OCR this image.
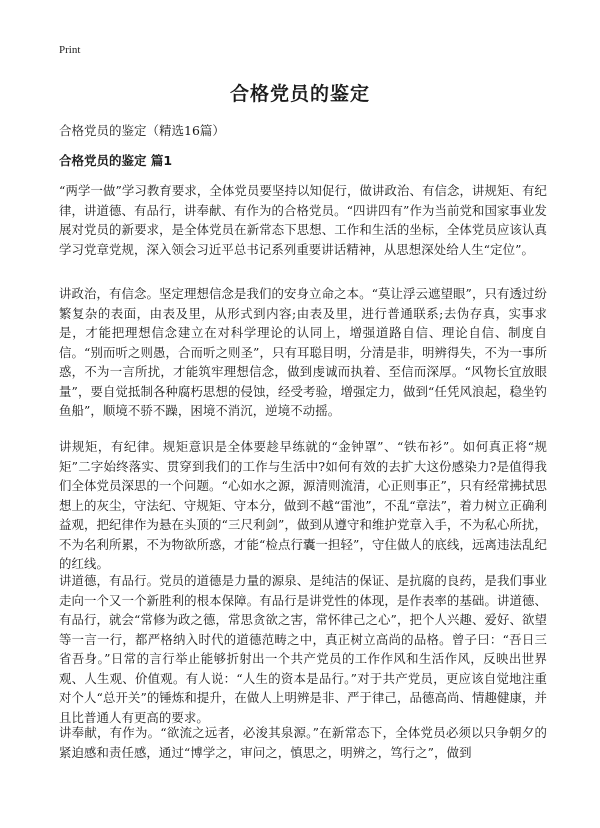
Print
合格党员的鉴定

合格党员的鉴定（精选16篇）

合格党员的鉴定 篇1

“两学一做”学习教育要求，全体党员要坚持以知促行，做讲政治、有信念，讲规矩、有纪律，讲道德、有品行，讲奉献、有作为的合格党员。“四讲四有”作为当前党和国家事业发展对党员的新要求，是全体党员在新常态下思想、工作和生活的坐标，全体党员应该认真学习党章党规，深入领会习近平总书记系列重要讲话精神，从思想深处给人生“定位”。

讲政治，有信念。坚定理想信念是我们的安身立命之本。“莫让浮云遮望眼”，只有透过纷繁复杂的表面，由表及里，从形式到内容;由表及里，进行普通联系;去伪存真，实事求是，才能把理想信念建立在对科学理论的认同上，增强道路自信、理论自信、制度自信。“别而听之则愚，合而听之则圣”，只有耳聪目明，分清是非，明辨得失，不为一事所惑，不为一言所扰，才能筑牢理想信念，做到虔诚而执着、至信而深厚。“风物长宜放眼量”，要自觉抵制各种腐朽思想的侵蚀，经受考验，增强定力，做到“任凭风浪起，稳坐钓鱼船”，顺境不骄不躁，困境不消沉，逆境不动摇。

讲规矩，有纪律。规矩意识是全体要趁早练就的“金钟罩”、“铁布衫”。如何真正将“规矩”二字始终落实、贯穿到我们的工作与生活中?如何有效的去扩大这份感染力?是值得我们全体党员深思的一个问题。“心如水之源，源清则流清，心正则事正”，只有经常拂拭思想上的灰尘，守法纪、守规矩、守本分，做到不越“雷池”，不乱“章法”，着力树立正确利益观，把纪律作为悬在头顶的“三尺利剑”，做到从遵守和维护党章入手，不为私心所扰，不为名利所累，不为物欲所惑，才能“检点行囊一担轻”，守住做人的底线，远离违法乱纪的红线。

讲道德，有品行。党员的道德是力量的源泉、是纯洁的保证、是抗腐的良药，是我们事业走向一个又一个新胜利的根本保障。有品行是讲党性的体现，是作表率的基础。讲道德、有品行，就会“常修为政之德，常思贪欲之害，常怀律己之心”，把个人兴趣、爱好、欲望等一言一行，都严格纳入时代的道德范畴之中，真正树立高尚的品格。曾子曰：“吾日三省吾身。”日常的言行举止能够折射出一个共产党员的工作作风和生活作风，反映出世界观、人生观、价值观。有人说：“人生的资本是品行。”对于共产党员，更应该自觉地注重对个人“总开关”的锤炼和提升，在做人上明辨是非、严于律己，品德高尚、情趣健康，并且比普通人有更高的要求。

讲奉献，有作为。“欲流之远者，必浚其泉源。”在新常态下，全体党员必须以只争朝夕的紧迫感和责任感，通过“博学之，审问之，慎思之，明辨之，笃行之”，做到
